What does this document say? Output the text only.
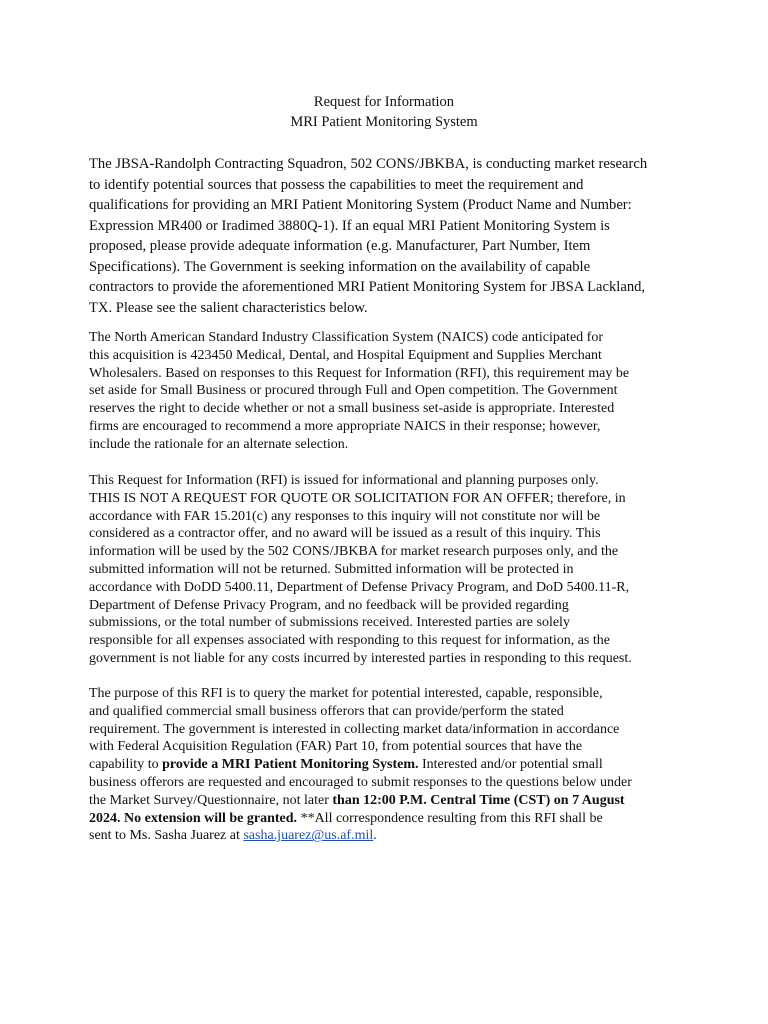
Request for Information
MRI Patient Monitoring System

The JBSA-Randolph Contracting Squadron, 502 CONS/JBKBA, is conducting market research
to identify potential sources that possess the capabilities to meet the requirement and
qualifications for providing an MRI Patient Monitoring System (Product Name and Number:
Expression MR400 or Iradimed 3880Q-1). If an equal MRI Patient Monitoring System is
proposed, please provide adequate information (e.g. Manufacturer, Part Number, Item
Specifications). The Government is seeking information on the availability of capable
contractors to provide the aforementioned MRI Patient Monitoring System for JBSA Lackland,
TX. Please see the salient characteristics below.

The North American Standard Industry Classification System (NAICS) code anticipated for
this acquisition is 423450 Medical, Dental, and Hospital Equipment and Supplies Merchant
Wholesalers. Based on responses to this Request for Information (RFI), this requirement may be
set aside for Small Business or procured through Full and Open competition. The Government
reserves the right to decide whether or not a small business set-aside is appropriate. Interested
firms are encouraged to recommend a more appropriate NAICS in their response; however,
include the rationale for an alternate selection.

This Request for Information (RFI) is issued for informational and planning purposes only.
THIS IS NOT A REQUEST FOR QUOTE OR SOLICITATION FOR AN OFFER; therefore, in
accordance with FAR 15.201(c) any responses to this inquiry will not constitute nor will be
considered as a contractor offer, and no award will be issued as a result of this inquiry. This
information will be used by the 502 CONS/JBKBA for market research purposes only, and the
submitted information will not be returned. Submitted information will be protected in
accordance with DoDD 5400.11, Department of Defense Privacy Program, and DoD 5400.11-R,
Department of Defense Privacy Program, and no feedback will be provided regarding
submissions, or the total number of submissions received. Interested parties are solely
responsible for all expenses associated with responding to this request for information, as the
government is not liable for any costs incurred by interested parties in responding to this request.

The purpose of this RFI is to query the market for potential interested, capable, responsible,
and qualified commercial small business offerors that can provide/perform the stated
requirement. The government is interested in collecting market data/information in accordance
with Federal Acquisition Regulation (FAR) Part 10, from potential sources that have the
capability to provide a MRI Patient Monitoring System. Interested and/or potential small
business offerors are requested and encouraged to submit responses to the questions below under
the Market Survey/Questionnaire, not later than 12:00 P.M. Central Time (CST) on 7 August
2024. No extension will be granted. **All correspondence resulting from this RFI shall be
sent to Ms. Sasha Juarez at sasha.juarez@us.af.mil.
